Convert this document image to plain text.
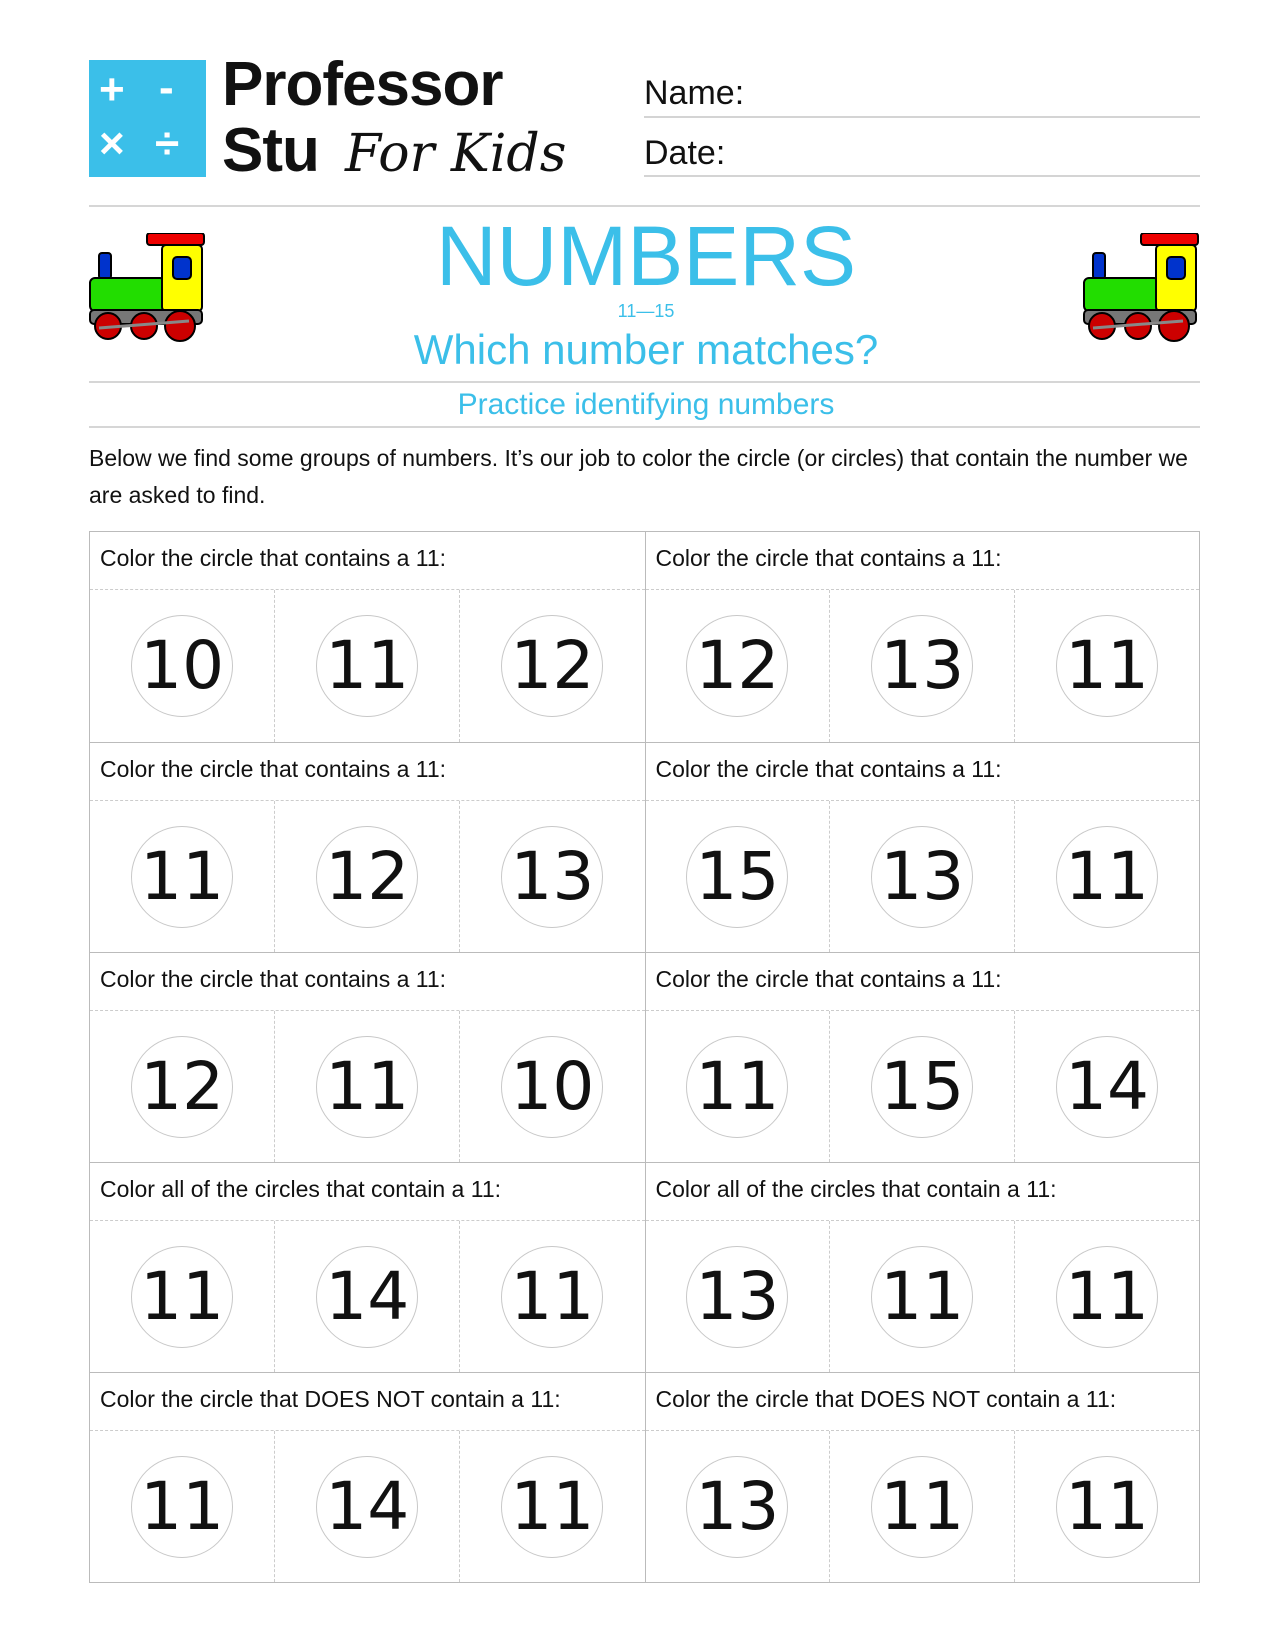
+ -
× ÷
Professor
Stu For Kids
Name:
Date:
NUMBERS
11—15
Which number matches?
Practice identifying numbers
Below we find some groups of numbers. It’s our job to color the circle (or circles) that contain the number we are asked to find.
Color the circle that contains a 11:
10 11 12
Color the circle that contains a 11:
12 13 11
Color the circle that contains a 11:
11 12 13
Color the circle that contains a 11:
15 13 11
Color the circle that contains a 11:
12 11 10
Color the circle that contains a 11:
11 15 14
Color all of the circles that contain a 11:
11 14 11
Color all of the circles that contain a 11:
13 11 11
Color the circle that DOES NOT contain a 11:
11 14 11
Color the circle that DOES NOT contain a 11:
13 11 11
